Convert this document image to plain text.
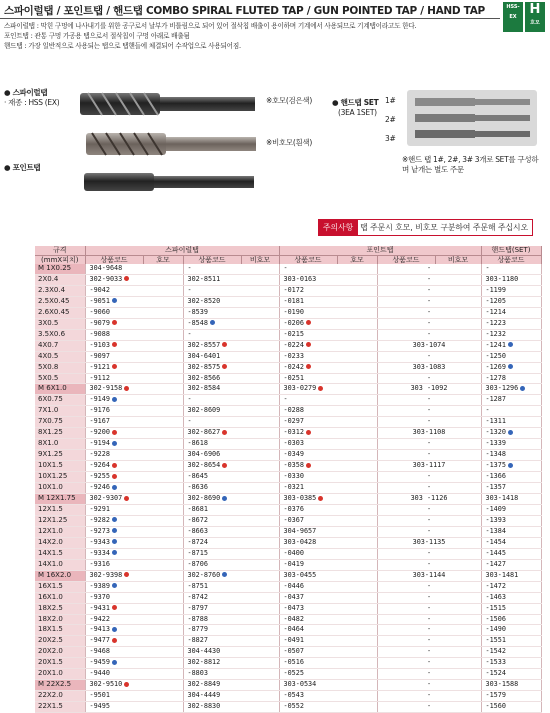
스파이럴탭 / 포인트탭 / 핸드탭 COMBO SPIRAL FLUTED TAP / GUN POINTED TAP / HAND TAP
스파이럴탭 : 막힌 구멍에 나사내기를 위한 공구로서 날부가 비틀림으로 되어 있어 절삭칩 배출이 용이하며 기계에서 사용되므로 기계탭이라고도 한다.
포인트탭 : 관통 구멍 가공용 탭으로서 절삭칩이 구멍 아래로 배출됨
핸드탭 : 가장 일반적으로 사용되는 탭으로 탭핸들에 체결되어 수작업으로 사용되어짐.
HSS-EX H
호모
● 스파이럴탭
· 재종 : HSS (EX)
● 포인트탭
※호모(검은색)
※비호모(흰색)
● 핸드탭 SET
(3EA 1SET)
1#
2#
3#
※핸드 탭 1#, 2#, 3# 3개로 SET를 구성하며 낱개는 별도 주문
주의사항 탭 주문시 호모, 비호모 구분하여 주문해 주십시오
규격	스파이럴탭				포인트탭				핸드탭(SET)
(mmX피치)	상품코드	호모	상품코드	비호모	상품코드	호모	상품코드	비호모	상품코드
M 1X0.25	304-9648		-		-		-		-
2X0.4	302-9033		302-8511		303-0163		-		303-1180
2.3X0.4	-9042		-		-0172		-		-1199
2.5X0.45	-9051		302-8520		-0181		-		-1205
2.6X0.45	-9060		-8539		-0190		-		-1214
3X0.5	-9079		-8548		-0206		-		-1223
3.5X0.6	-9088		-		-0215		-		-1232
4X0.7	-9103		302-8557		-0224		303-1074		-1241
4X0.5	-9097		304-6401		-0233		-		-1250
5X0.8	-9121		302-8575		-0242		303-1083		-1269
5X0.5	-9112		302-8566		-0251		-		-1278
M 6X1.0	302-9158		302-8584		303-0279		303 -1092		303-1296
6X0.75	-9149		-		-		-		-1287
7X1.0	-9176		302-8609		-0288		-		-
7X0.75	-9167		-		-0297		-		-1311
8X1.25	-9200		302-8627		-0312		303-1108		-1320
8X1.0	-9194		-8618		-0303		-		-1339
9X1.25	-9228		304-6906		-0349		-		-1348
10X1.5	-9264		302-8654		-0358		303-1117		-1375
10X1.25	-9255		-8645		-0330		-		-1366
10X1.0	-9246		-8636		-0321		-		-1357
M 12X1.75	302-9307		302-8690		303-0385		303 -1126		303-1418
12X1.5	-9291		-8681		-0376		-		-1409
12X1.25	-9282		-8672		-0367		-		-1393
12X1.0	-9273		-8663		304-9657		-		-1384
14X2.0	-9343		-8724		303-0428		303-1135		-1454
14X1.5	-9334		-8715		-0400		-		-1445
14X1.0	-9316		-8706		-0419		-		-1427
M 16X2.0	302-9398		302-8760		303-0455		303-1144		303-1481
16X1.5	-9389		-8751		-0446		-		-1472
16X1.0	-9370		-8742		-0437		-		-1463
18X2.5	-9431		-8797		-0473		-		-1515
18X2.0	-9422		-8788		-0482		-		-1506
18X1.5	-9413		-8779		-0464		-		-1490
20X2.5	-9477		-8827		-0491		-		-1551
20X2.0	-9468		304-4430		-0507		-		-1542
20X1.5	-9459		302-8812		-0516		-		-1533
20X1.0	-9440		-8803		-0525		-		-1524
M 22X2.5	302-9510		302-8849		303-0534		-		303-1588
22X2.0	-9501		304-4449		-0543		-		-1579
22X1.5	-9495		302-8830		-0552		-		-1560
